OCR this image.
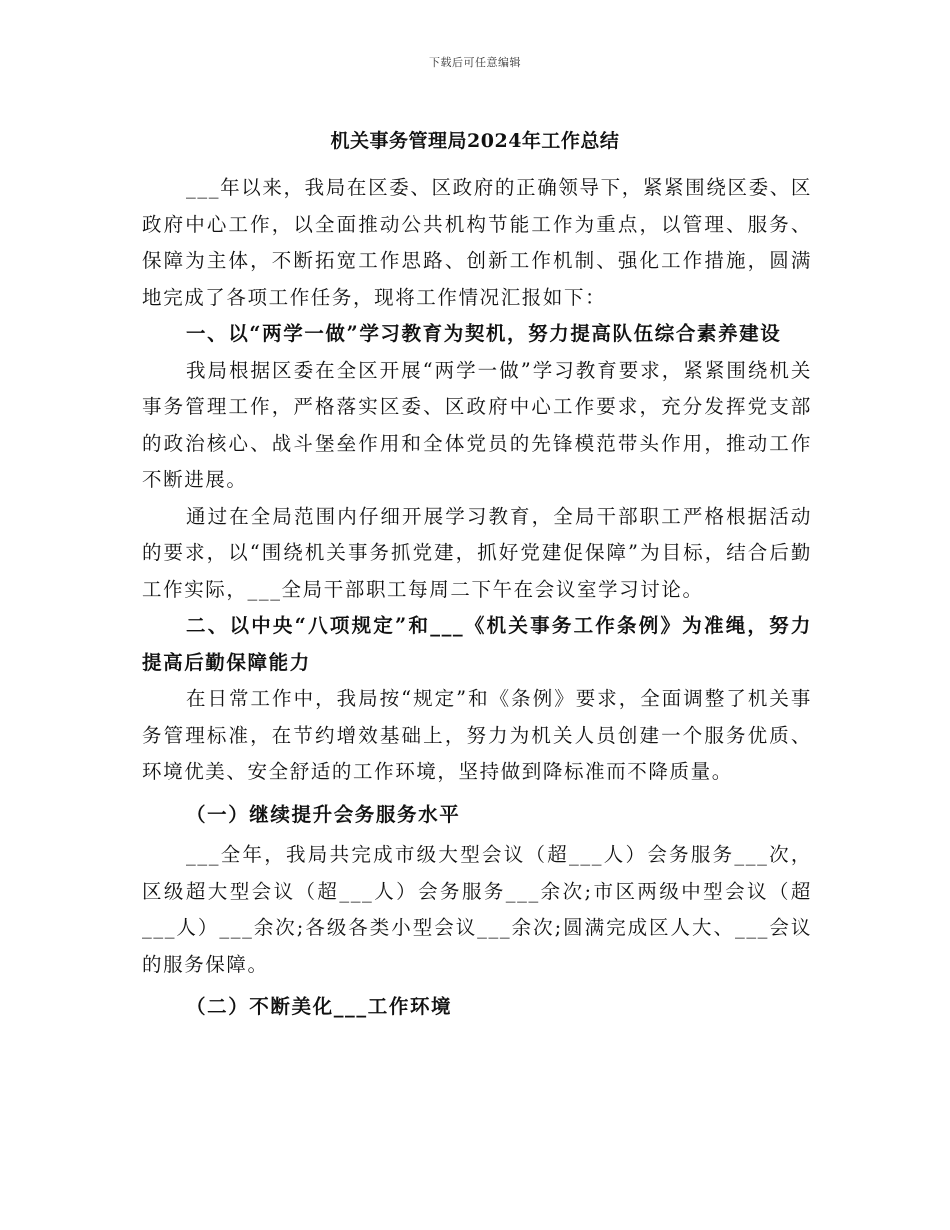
下载后可任意编辑
机关事务管理局2024年工作总结

___年以来，我局在区委、区政府的正确领导下，紧紧围绕区委、区政府中心工作，以全面推动公共机构节能工作为重点，以管理、服务、保障为主体，不断拓宽工作思路、创新工作机制、强化工作措施，圆满地完成了各项工作任务，现将工作情况汇报如下：

一、以“两学一做”学习教育为契机，努力提高队伍综合素养建设

我局根据区委在全区开展“两学一做”学习教育要求，紧紧围绕机关事务管理工作，严格落实区委、区政府中心工作要求，充分发挥党支部的政治核心、战斗堡垒作用和全体党员的先锋模范带头作用，推动工作不断进展。

通过在全局范围内仔细开展学习教育，全局干部职工严格根据活动的要求，以“围绕机关事务抓党建，抓好党建促保障”为目标，结合后勤工作实际，___全局干部职工每周二下午在会议室学习讨论。

二、以中央“八项规定”和___《机关事务工作条例》为准绳，努力提高后勤保障能力

在日常工作中，我局按“规定”和《条例》要求，全面调整了机关事务管理标准，在节约增效基础上，努力为机关人员创建一个服务优质、环境优美、安全舒适的工作环境，坚持做到降标准而不降质量。

（一）继续提升会务服务水平

___全年，我局共完成市级大型会议（超___人）会务服务___次，区级超大型会议（超___人）会务服务___余次;市区两级中型会议（超___人）___余次;各级各类小型会议___余次;圆满完成区人大、___会议的服务保障。

（二）不断美化___工作环境
